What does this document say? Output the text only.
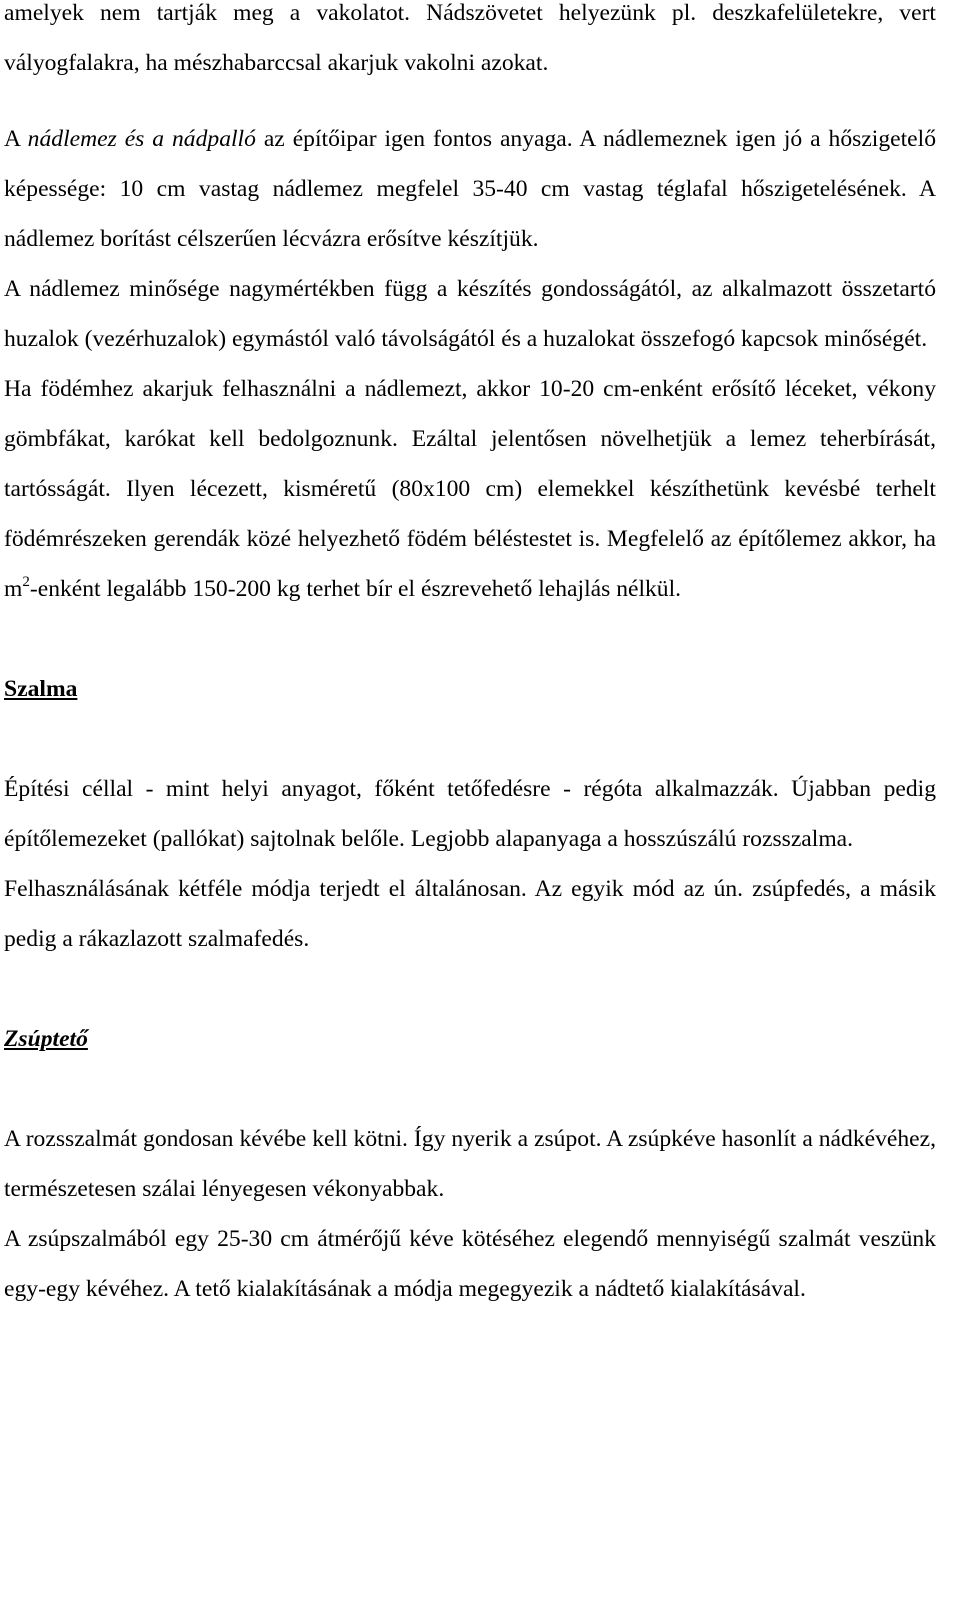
amelyek nem tartják meg a vakolatot. Nádszövetet helyezünk pl. deszkafelületekre, vert vályogfalakra, ha mészhabarccsal akarjuk vakolni azokat.

A nádlemez és a nádpalló az építőipar igen fontos anyaga. A nádlemeznek igen jó a hőszigetelő képessége: 10 cm vastag nádlemez megfelel 35-40 cm vastag téglafal hőszigetelésének. A nádlemez borítást célszerűen lécvázra erősítve készítjük.

A nádlemez minősége nagymértékben függ a készítés gondosságától, az alkalmazott összetartó huzalok (vezérhuzalok) egymástól való távolságától és a huzalokat összefogó kapcsok minőségét.

Ha födémhez akarjuk felhasználni a nádlemezt, akkor 10-20 cm-enként erősítő léceket, vékony gömbfákat, karókat kell bedolgoznunk. Ezáltal jelentősen növelhetjük a lemez teherbírását, tartósságát. Ilyen lécezett, kisméretű (80x100 cm) elemekkel készíthetünk kevésbé terhelt födémrészeken gerendák közé helyezhető födém béléstestet is. Megfelelő az építőlemez akkor, ha $m^2$-enként legalább 150-200 kg terhet bír el észrevehető lehajlás nélkül.

Szalma

Építési céllal - mint helyi anyagot, főként tetőfedésre - régóta alkalmazzák. Újabban pedig építőlemezeket (pallókat) sajtolnak belőle. Legjobb alapanyaga a hosszúszálú rozsszalma.

Felhasználásának kétféle módja terjedt el általánosan. Az egyik mód az ún. zsúpfedés, a másik pedig a rákazlazott szalmafedés.

Zsúptető

A rozsszalmát gondosan kévébe kell kötni. Így nyerik a zsúpot. A zsúpkéve hasonlít a nádkévéhez, természetesen szálai lényegesen vékonyabbak.

A zsúpszalmából egy 25-30 cm átmérőjű kéve kötéséhez elegendő mennyiségű szalmát veszünk egy-egy kévéhez. A tető kialakításának a módja megegyezik a nádtető kialakításával.
